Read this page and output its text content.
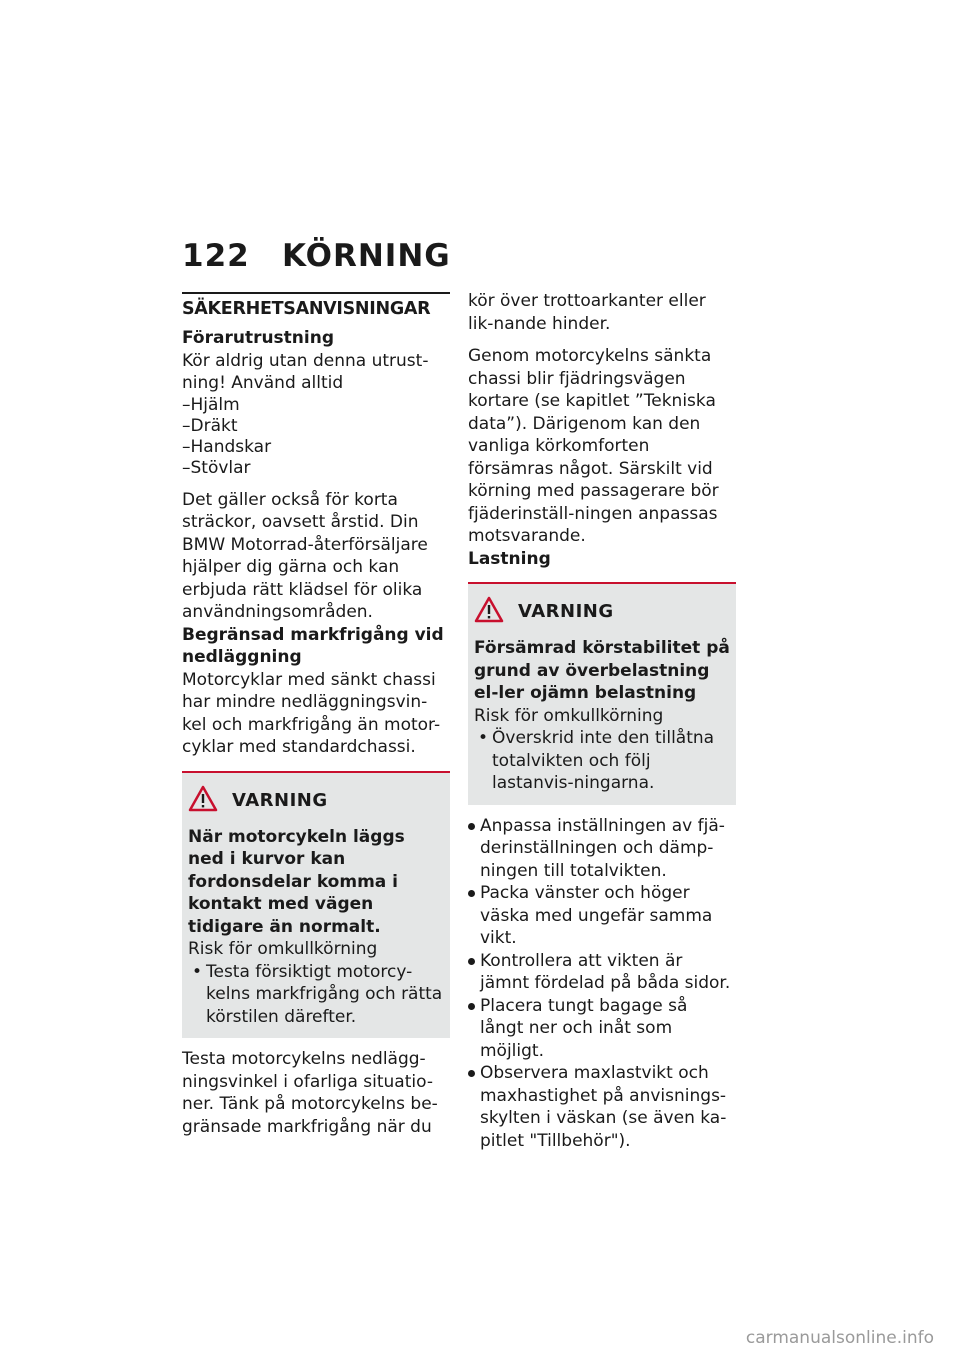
122 KÖRNING

SÄKERHETSANVISNINGAR

Förarutrustning

Kör aldrig utan denna utrust-ning! Använd alltid

–Hjälm
–Dräkt
–Handskar
–Stövlar

Det gäller också för korta sträckor, oavsett årstid. Din BMW Motorrad-återförsäljare hjälper dig gärna och kan erbjuda rätt klädsel för olika användningsområden.

Begränsad markfrigång vid nedläggning

Motorcyklar med sänkt chassi har mindre nedläggningsvin-kel och markfrigång än motor-cyklar med standardchassi.

VARNING

När motorcykeln läggs ned i kurvor kan fordonsdelar komma i kontakt med vägen tidigare än normalt.

Risk för omkullkörning

• Testa försiktigt motorcy-kelns markfrigång och rätta körstilen därefter.

Testa motorcykelns nedlägg-ningsvinkel i ofarliga situatio-ner. Tänk på motorcykelns be-gränsade markfrigång när du

kör över trottoarkanter eller lik-nande hinder.

Genom motorcykelns sänkta chassi blir fjädringsvägen kortare (se kapitlet ”Tekniska data”). Därigenom kan den vanliga körkomforten försämras något. Särskilt vid körning med passagerare bör fjäderinställ-ningen anpassas motsvarande.

Lastning

VARNING

Försämrad körstabilitet på grund av överbelastning el-ler ojämn belastning

Risk för omkullkörning

• Överskrid inte den tillåtna totalvikten och följ lastanvis-ningarna.
Anpassa inställningen av fjä-derinställningen och dämp-ningen till totalvikten.
Packa vänster och höger väska med ungefär samma vikt.
Kontrollera att vikten är jämnt fördelad på båda sidor.
Placera tungt bagage så långt ner och inåt som möjligt.
Observera maxlastvikt och maxhastighet på anvisnings-skylten i väskan (se även ka-pitlet "Tillbehör").
carmanualsonline.info
